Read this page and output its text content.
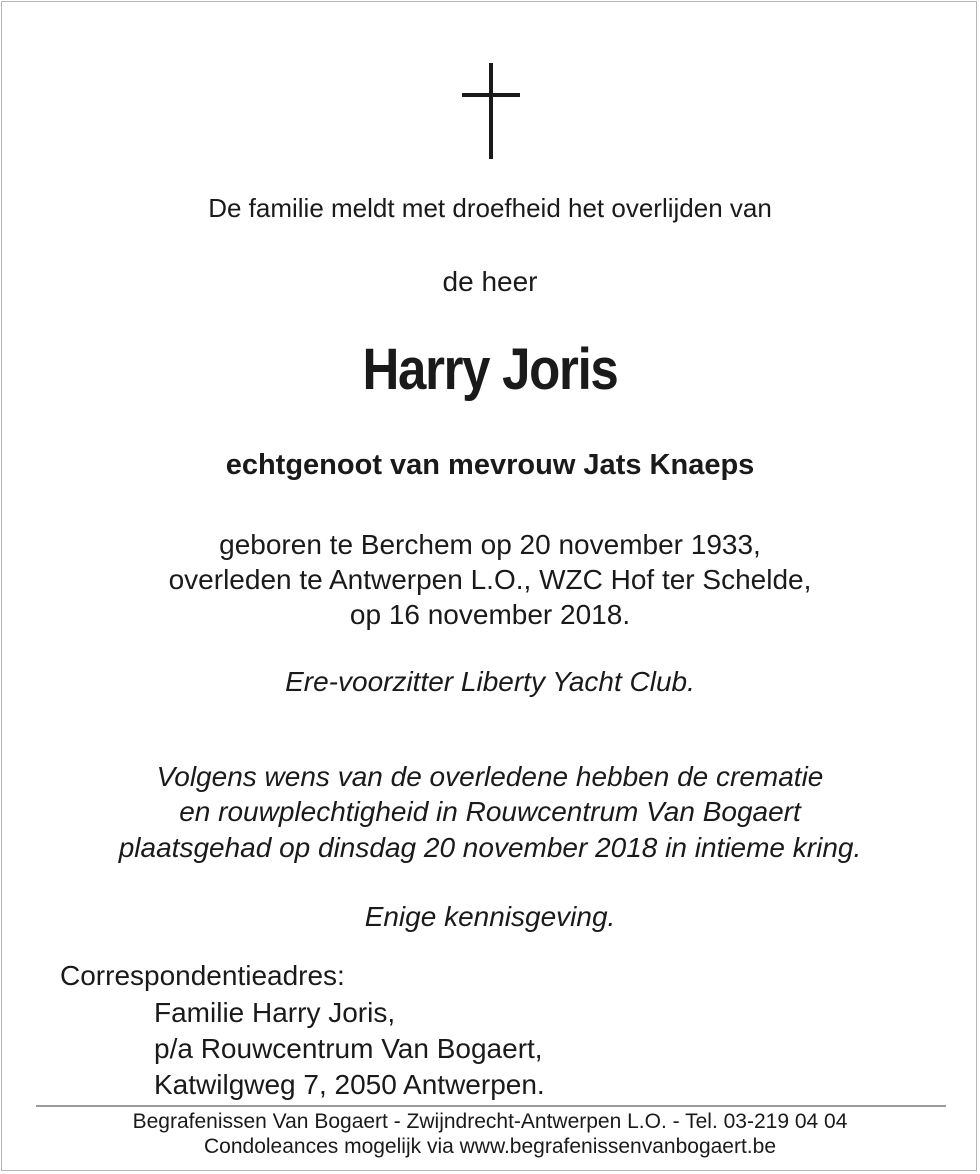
De familie meldt met droefheid het overlijden van
de heer
Harry Joris
echtgenoot van mevrouw Jats Knaeps
geboren te Berchem op 20 november 1933,
overleden te Antwerpen L.O., WZC Hof ter Schelde,
op 16 november 2018.
Ere-voorzitter Liberty Yacht Club.
Volgens wens van de overledene hebben de crematie
en rouwplechtigheid in Rouwcentrum Van Bogaert
plaatsgehad op dinsdag 20 november 2018 in intieme kring.
Enige kennisgeving.
Correspondentieadres:
Familie Harry Joris,
p/a Rouwcentrum Van Bogaert,
Katwilgweg 7, 2050 Antwerpen.
Begrafenissen Van Bogaert - Zwijndrecht-Antwerpen L.O. - Tel. 03-219 04 04
Condoleances mogelijk via www.begrafenissenvanbogaert.be
